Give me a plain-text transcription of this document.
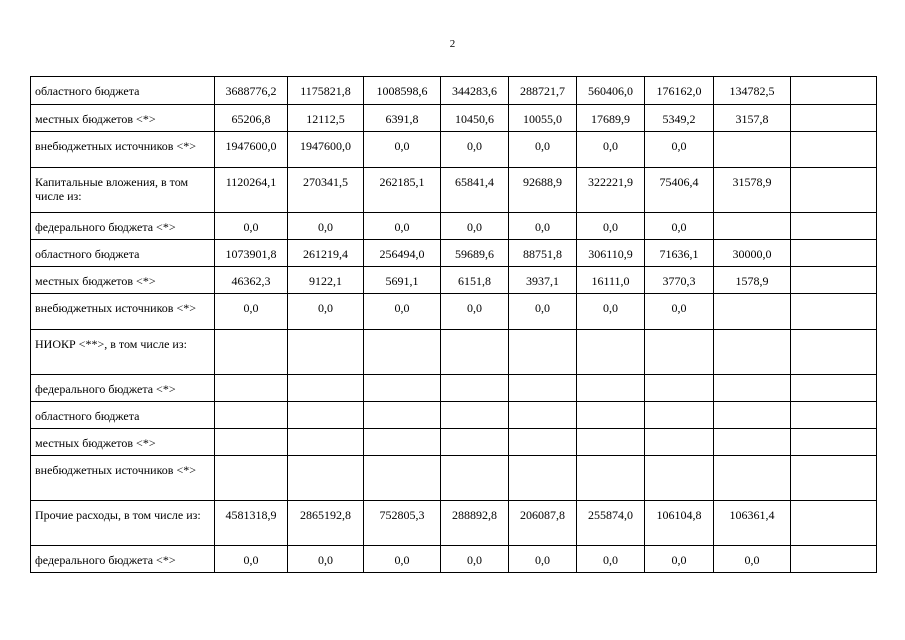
2
областного бюджета	3688776,2	1175821,8	1008598,6	344283,6	288721,7	560406,0	176162,0	134782,5	
местных бюджетов <*>	65206,8	12112,5	6391,8	10450,6	10055,0	17689,9	5349,2	3157,8	
внебюджетных источников <*>	1947600,0	1947600,0	0,0	0,0	0,0	0,0	0,0		
Капитальные вложения, в том числе из:	1120264,1	270341,5	262185,1	65841,4	92688,9	322221,9	75406,4	31578,9	
федерального бюджета <*>	0,0	0,0	0,0	0,0	0,0	0,0	0,0		
областного бюджета	1073901,8	261219,4	256494,0	59689,6	88751,8	306110,9	71636,1	30000,0	
местных бюджетов <*>	46362,3	9122,1	5691,1	6151,8	3937,1	16111,0	3770,3	1578,9	
внебюджетных источников <*>	0,0	0,0	0,0	0,0	0,0	0,0	0,0		
НИОКР <**>, в том числе из:									
федерального бюджета <*>									
областного бюджета									
местных бюджетов <*>									
внебюджетных источников <*>									
Прочие расходы, в том числе из:	4581318,9	2865192,8	752805,3	288892,8	206087,8	255874,0	106104,8	106361,4	
федерального бюджета <*>	0,0	0,0	0,0	0,0	0,0	0,0	0,0	0,0	
